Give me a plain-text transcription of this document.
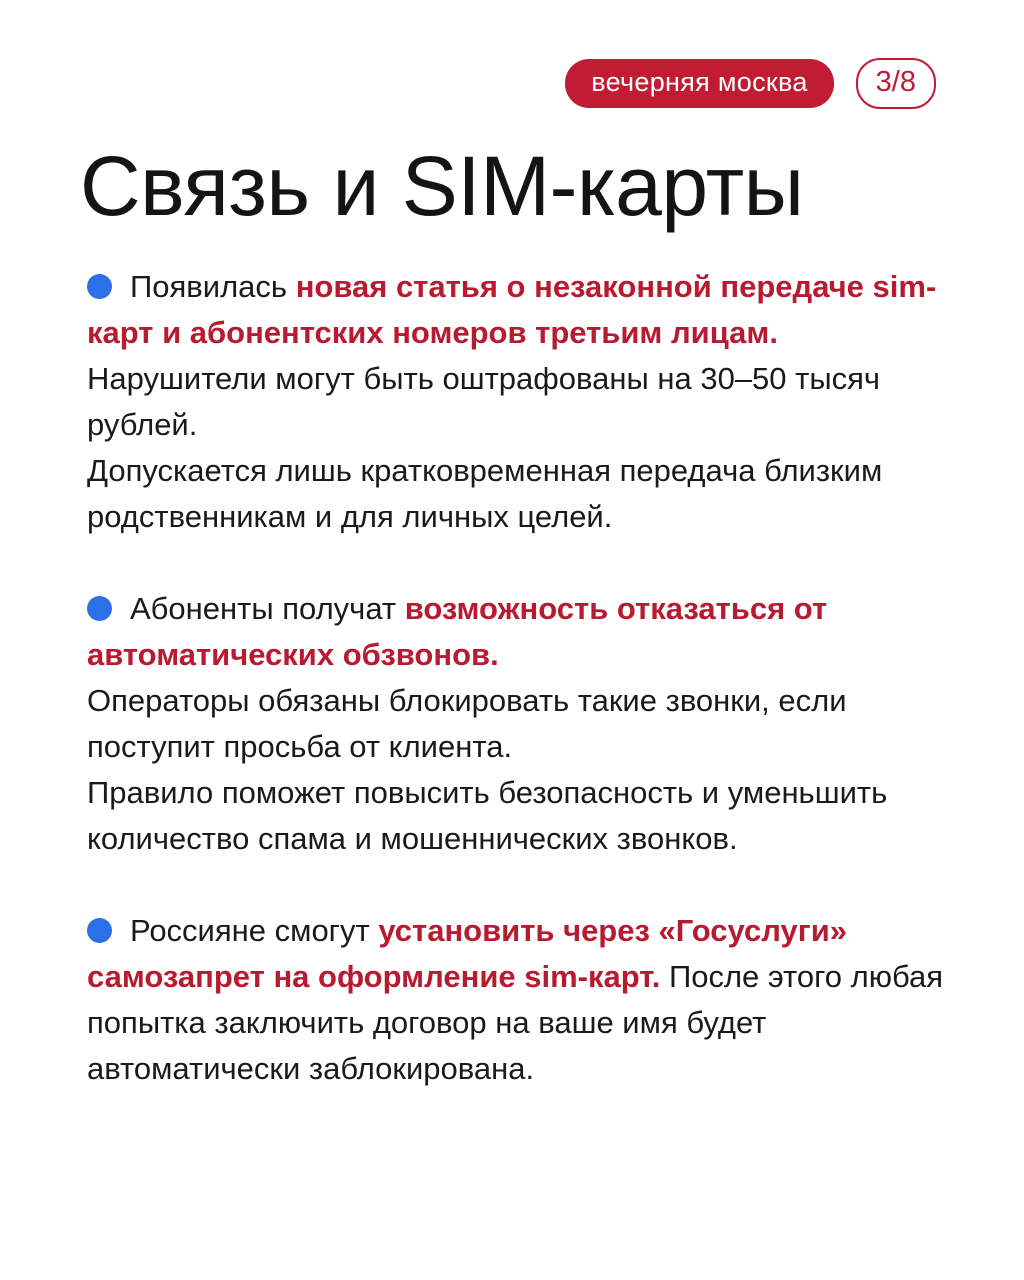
вечерняя москва	3/8
Связь и SIM-карты

Появилась новая статья о незаконной передаче sim-карт и абонентских номеров третьим лицам. Нарушители могут быть оштрафованы на 30–50 тысяч рублей.
Допускается лишь кратковременная передача близким родственникам и для личных целей.

Абоненты получат возможность отказаться от автоматических обзвонов.
Операторы обязаны блокировать такие звонки, если поступит просьба от клиента.
Правило поможет повысить безопасность и уменьшить количество спама и мошеннических звонков.

Россияне смогут установить через «Госуслуги» самозапрет на оформление sim-карт. После этого любая попытка заключить договор на ваше имя будет автоматически заблокирована.
